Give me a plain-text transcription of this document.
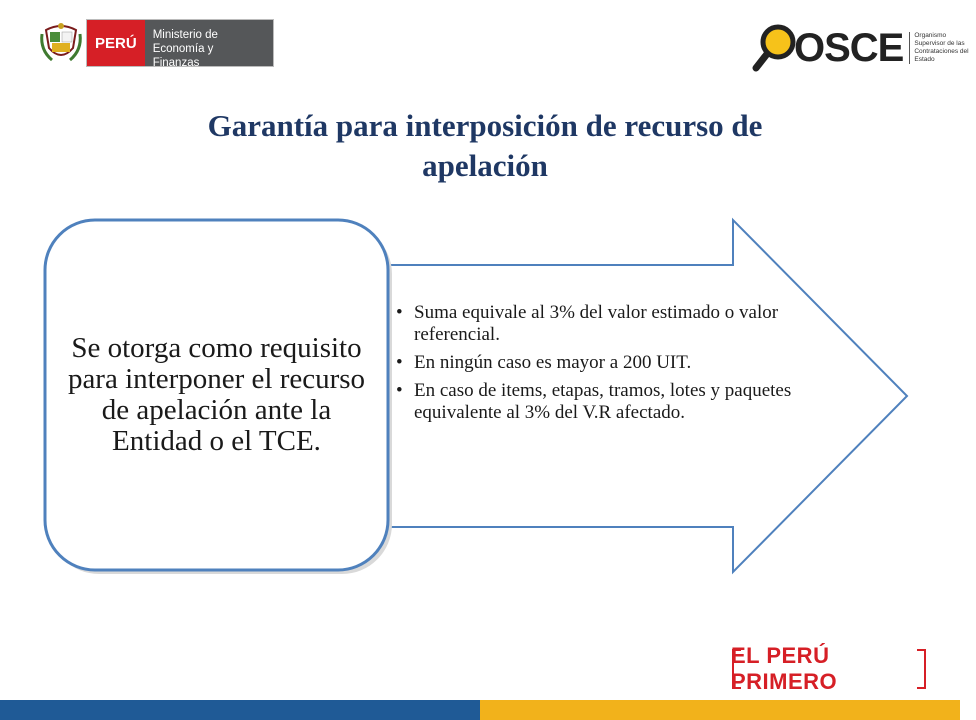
PERÚ	Ministerio de Economía y Finanzas	OSCE	Organismo Supervisor de las Contrataciones del Estado
Garantía para interposición de recurso de
apelación
Se otorga como requisito para interponer el recurso de apelación ante la Entidad o el TCE.
• Suma equivale al 3% del valor estimado o valor referencial.
• En ningún caso es mayor a 200 UIT.
• En caso de items, etapas, tramos, lotes y paquetes equivalente al 3% del V.R afectado.
EL PERÚ PRIMERO
